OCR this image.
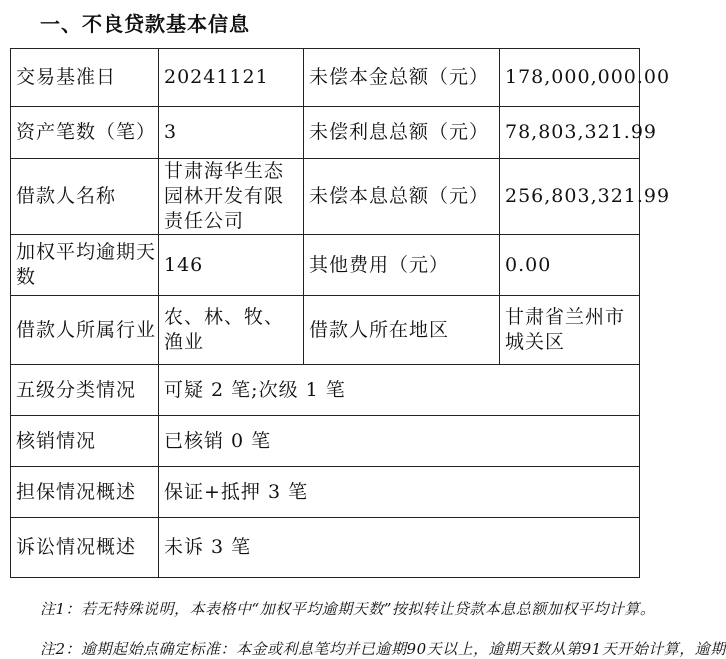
一、不良贷款基本信息
交易基准日	20241121	未偿本金总额（元）	178,000,000.00
资产笔数（笔）	3	未偿利息总额（元）	78,803,321.99
借款人名称	甘肃海华生态园林开发有限责任公司	未偿本息总额（元）	256,803,321.99
加权平均逾期天数	146	其他费用（元）	0.00
借款人所属行业	农、林、牧、渔业	借款人所在地区	甘肃省兰州市城关区

五级分类情况	可疑 2 笔;次级 1 笔		
核销情况	已核销 0 笔		
担保情况概述	保证+抵押 3 笔		
诉讼情况概述	未诉 3 笔		
注1：若无特殊说明，本表格中“加权平均逾期天数”按拟转让贷款本息总额加权平均计算。
注2：逾期起始点确定标准：本金或利息笔均并已逾期90天以上，逾期天数从第91天开始计算，逾期
